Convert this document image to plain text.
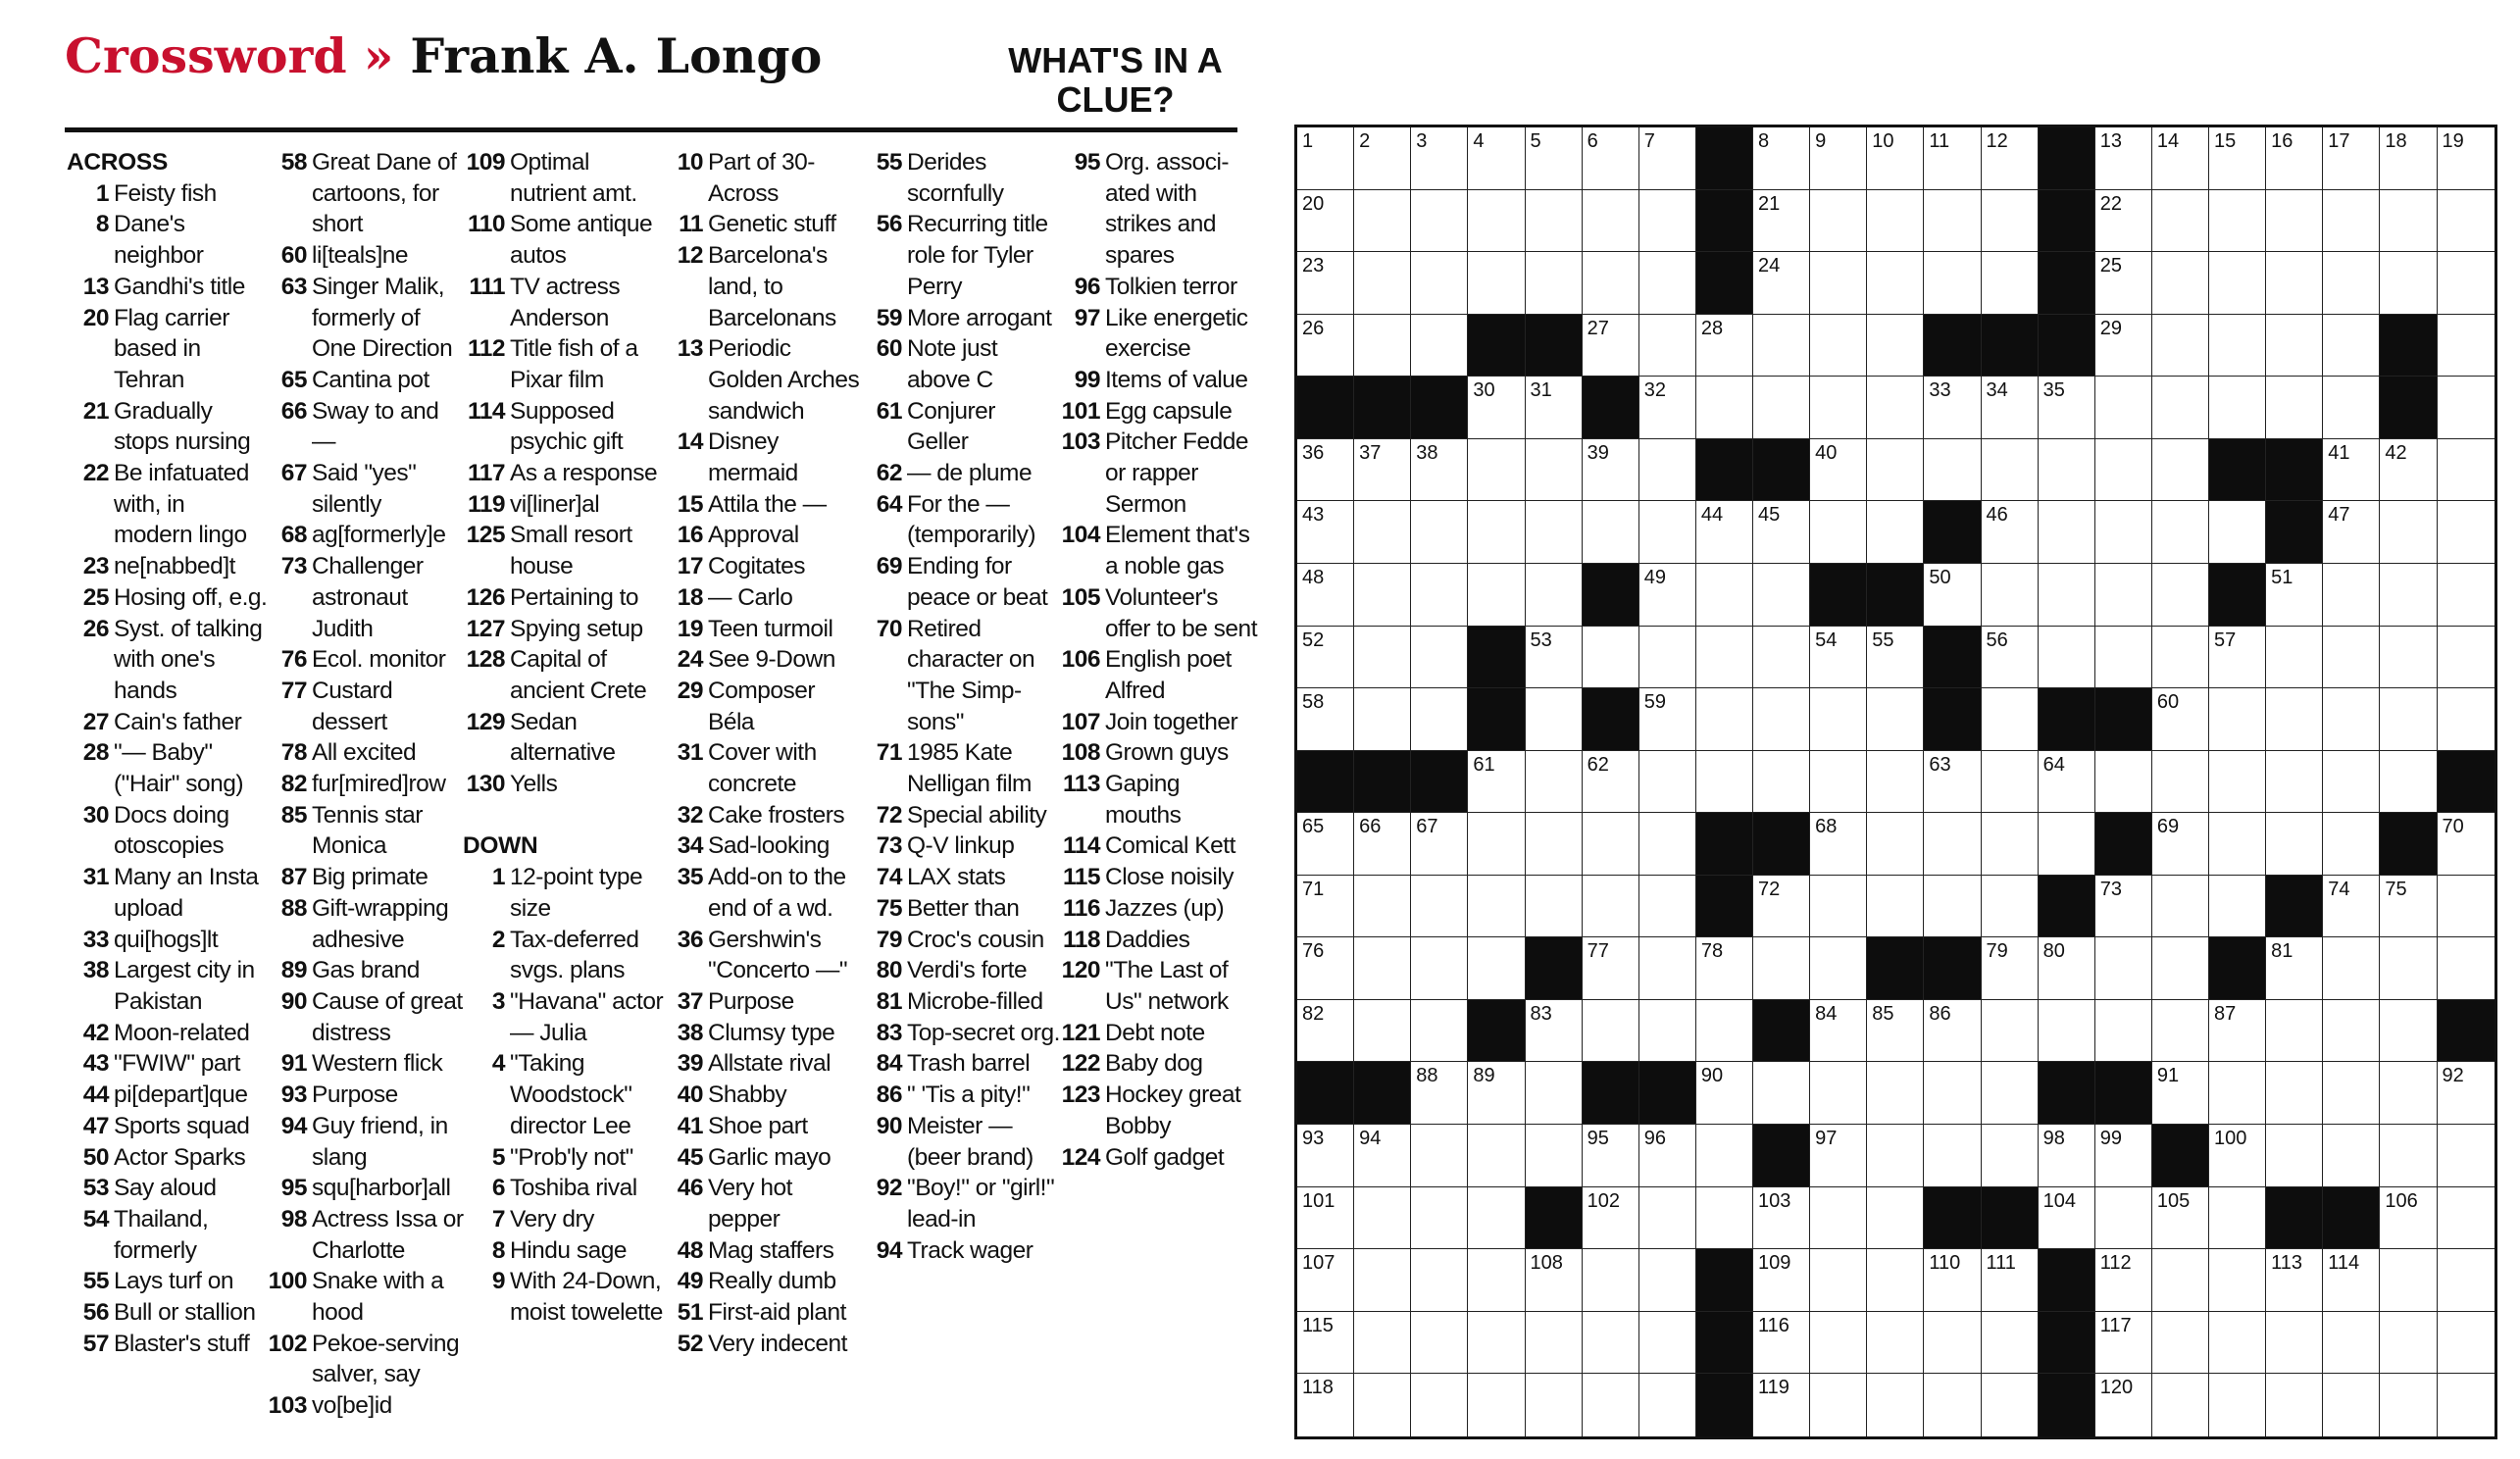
Crossword » Frank A. Longo	WHAT'S IN A CLUE?
ACROSS
1 Feisty fish
8 Dane's neighbor
13 Gandhi's title
20 Flag carrier based in Tehran
21 Gradually stops nursing
22 Be infatuated with, in modern lingo
23 ne[nabbed]t
25 Hosing off, e.g.
26 Syst. of talking with one's hands
27 Cain's father
28 "— Baby" ("Hair" song)
30 Docs doing otoscopies
31 Many an Insta upload
33 qui[hogs]lt
38 Largest city in Pakistan
42 Moon-related
43 "FWIW" part
44 pi[depart]que
47 Sports squad
50 Actor Sparks
53 Say aloud
54 Thailand, formerly
55 Lays turf on
56 Bull or stallion
57 Blaster's stuff
58 Great Dane of cartoons, for short
60 li[teals]ne
63 Singer Malik, formerly of One Direction
65 Cantina pot
66 Sway to and —
67 Said "yes" silently
68 ag[formerly]e
73 Challenger astronaut Judith
76 Ecol. monitor
77 Custard dessert
78 All excited
82 fur[mired]row
85 Tennis star Monica
87 Big primate
88 Gift-wrapping adhesive
89 Gas brand
90 Cause of great distress
91 Western flick
93 Purpose
94 Guy friend, in slang
95 squ[harbor]all
98 Actress Issa or Charlotte
100 Snake with a hood
102 Pekoe-serving salver, say
103 vo[be]id
109 Optimal nutrient amt.
110 Some antique autos
111 TV actress Anderson
112 Title fish of a Pixar film
114 Supposed psychic gift
117 As a response
119 vi[liner]al
125 Small resort house
126 Pertaining to
127 Spying setup
128 Capital of ancient Crete
129 Sedan alternative
130 Yells

DOWN
1 12-point type size
2 Tax-deferred svgs. plans
3 "Havana" actor — Julia
4 "Taking Woodstock" director Lee
5 "Prob'ly not"
6 Toshiba rival
7 Very dry
8 Hindu sage
9 With 24-Down, moist towelette
10 Part of 30-Across
11 Genetic stuff
12 Barcelona's land, to Barcelonans
13 Periodic Golden Arches sandwich
14 Disney mermaid
15 Attila the —
16 Approval
17 Cogitates
18 — Carlo
19 Teen turmoil
24 See 9-Down
29 Composer Béla
31 Cover with concrete
32 Cake frosters
34 Sad-looking
35 Add-on to the end of a wd.
36 Gershwin's "Concerto —"
37 Purpose
38 Clumsy type
39 Allstate rival
40 Shabby
41 Shoe part
45 Garlic mayo
46 Very hot pepper
48 Mag staffers
49 Really dumb
51 First-aid plant
52 Very indecent
55 Derides scornfully
56 Recurring title role for Tyler Perry
59 More arrogant
60 Note just above C
61 Conjurer Geller
62 — de plume
64 For the — (temporarily)
69 Ending for peace or beat
70 Retired character on "The Simp-sons"
71 1985 Kate Nelligan film
72 Special ability
73 Q-V linkup
74 LAX stats
75 Better than
79 Croc's cousin
80 Verdi's forte
81 Microbe-filled
83 Top-secret org.
84 Trash barrel
86 " 'Tis a pity!"
90 Meister — (beer brand)
92 "Boy!" or "girl!" lead-in
94 Track wager
95 Org. associ-ated with strikes and spares
96 Tolkien terror
97 Like energetic exercise
99 Items of value
101 Egg capsule
103 Pitcher Fedde or rapper Sermon
104 Element that's a noble gas
105 Volunteer's offer to be sent
106 English poet Alfred
107 Join together
108 Grown guys
113 Gaping mouths
114 Comical Kett
115 Close noisily
116 Jazzes (up)
118 Daddies
120 "The Last of Us" network
121 Debt note
122 Baby dog
123 Hockey great Bobby
124 Golf gadget
1 2 3 4 5 6 7	8 9 10 11 12	13 14 15 16 17 18 19
20	21	22
23	24	25
26	27	28	29
30 31	32	33 34 35
36 37 38	39	40	41 42
43	44 45	46	47
48	49	50	51
52	53	54 55	56	57
58	59	60
61	62	63	64
65 66 67	68	69	70
71	72	73	74 75
76	77	78	79 80	81
82	83	84 85 86	87
88 89	90	91	92
93 94	95 96	97	98 99	100
101	102	103	104	105	106
107	108	109	110 111	112	113 114
115	116	117
118	119	120
